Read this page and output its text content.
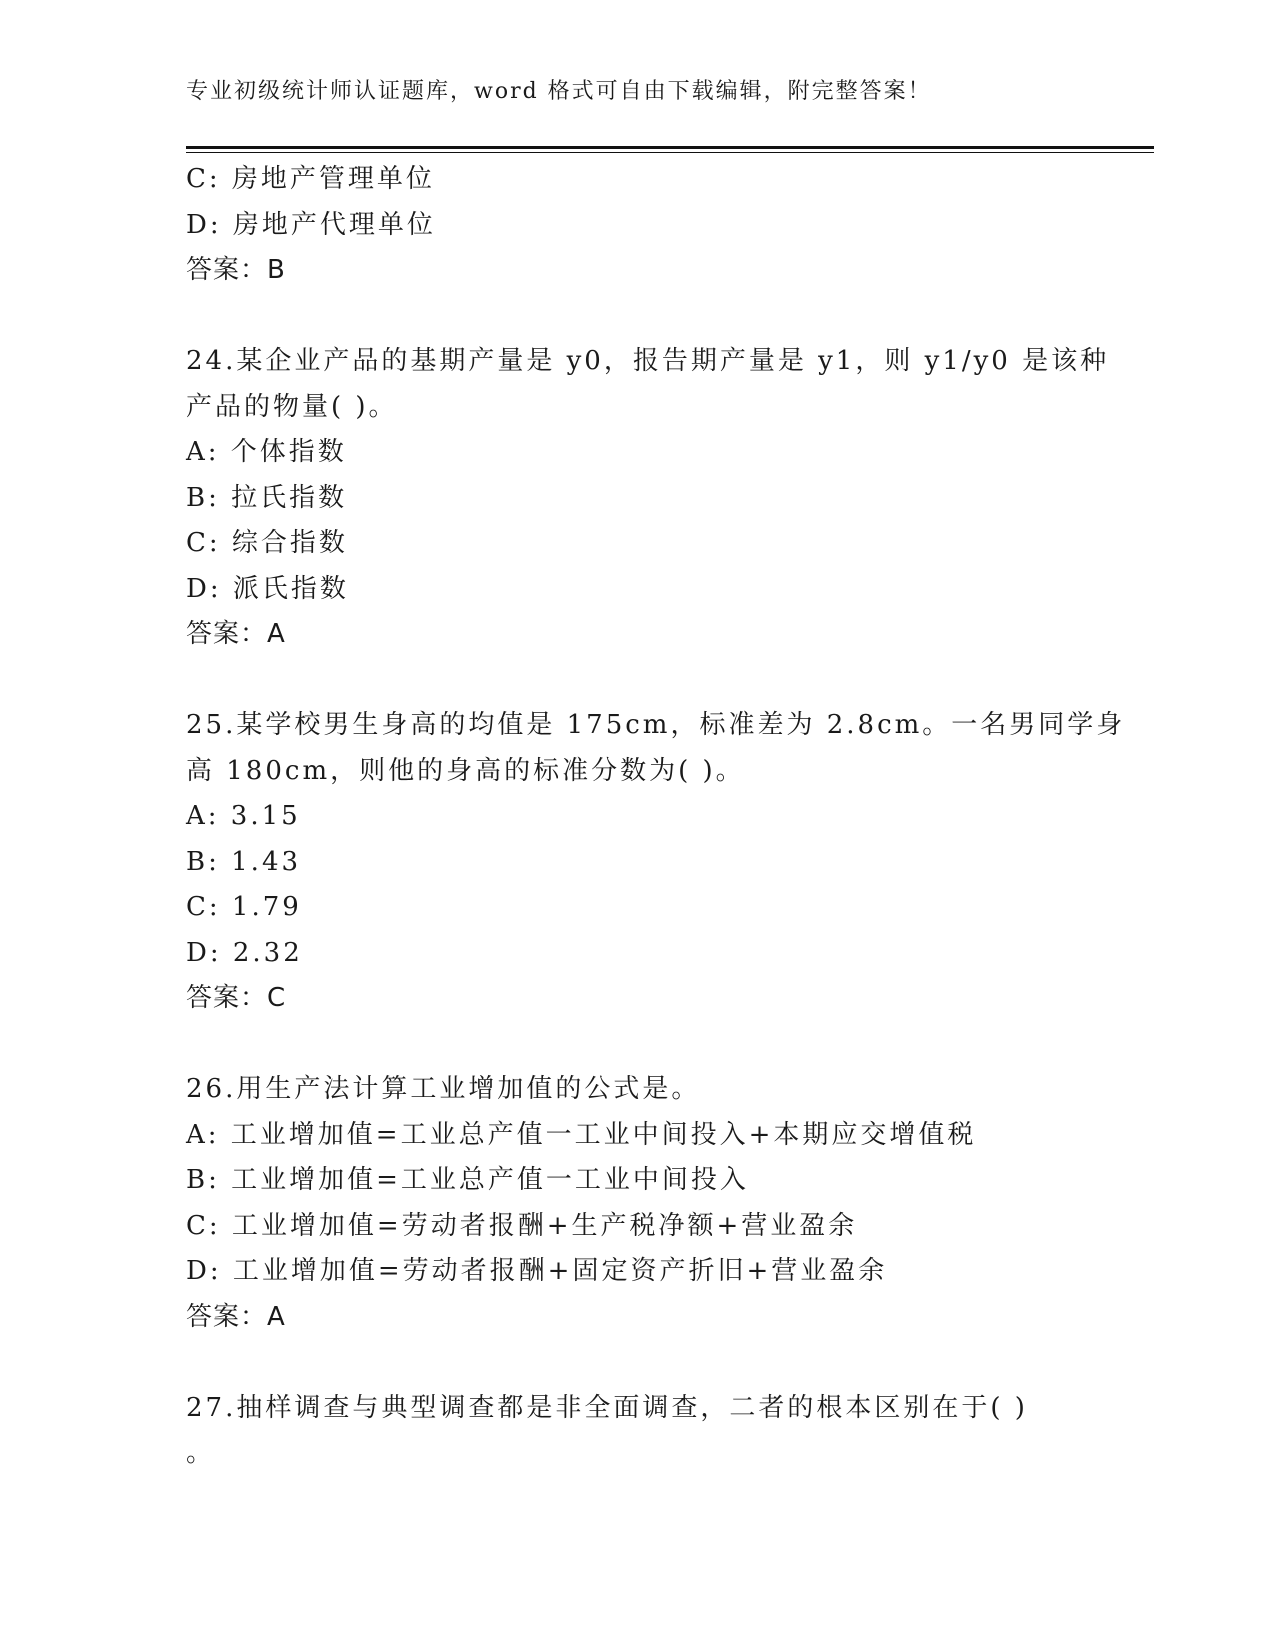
专业初级统计师认证题库，word 格式可自由下载编辑，附完整答案！
C: 房地产管理单位
D: 房地产代理单位
答案：B
24.某企业产品的基期产量是 y0，报告期产量是 y1，则 y1/y0 是该种
产品的物量( )。
A: 个体指数
B: 拉氏指数
C: 综合指数
D: 派氏指数
答案：A
25.某学校男生身高的均值是 175cm，标准差为 2.8cm。一名男同学身
高 180cm，则他的身高的标准分数为( )。
A: 3.15
B: 1.43
C: 1.79
D: 2.32
答案：C
26.用生产法计算工业增加值的公式是。
A: 工业增加值=工业总产值一工业中间投入+本期应交增值税
B: 工业增加值=工业总产值一工业中间投入
C: 工业增加值=劳动者报酬+生产税净额+营业盈余
D: 工业增加值=劳动者报酬+固定资产折旧+营业盈余
答案：A
27.抽样调查与典型调查都是非全面调查，二者的根本区别在于( )
。
